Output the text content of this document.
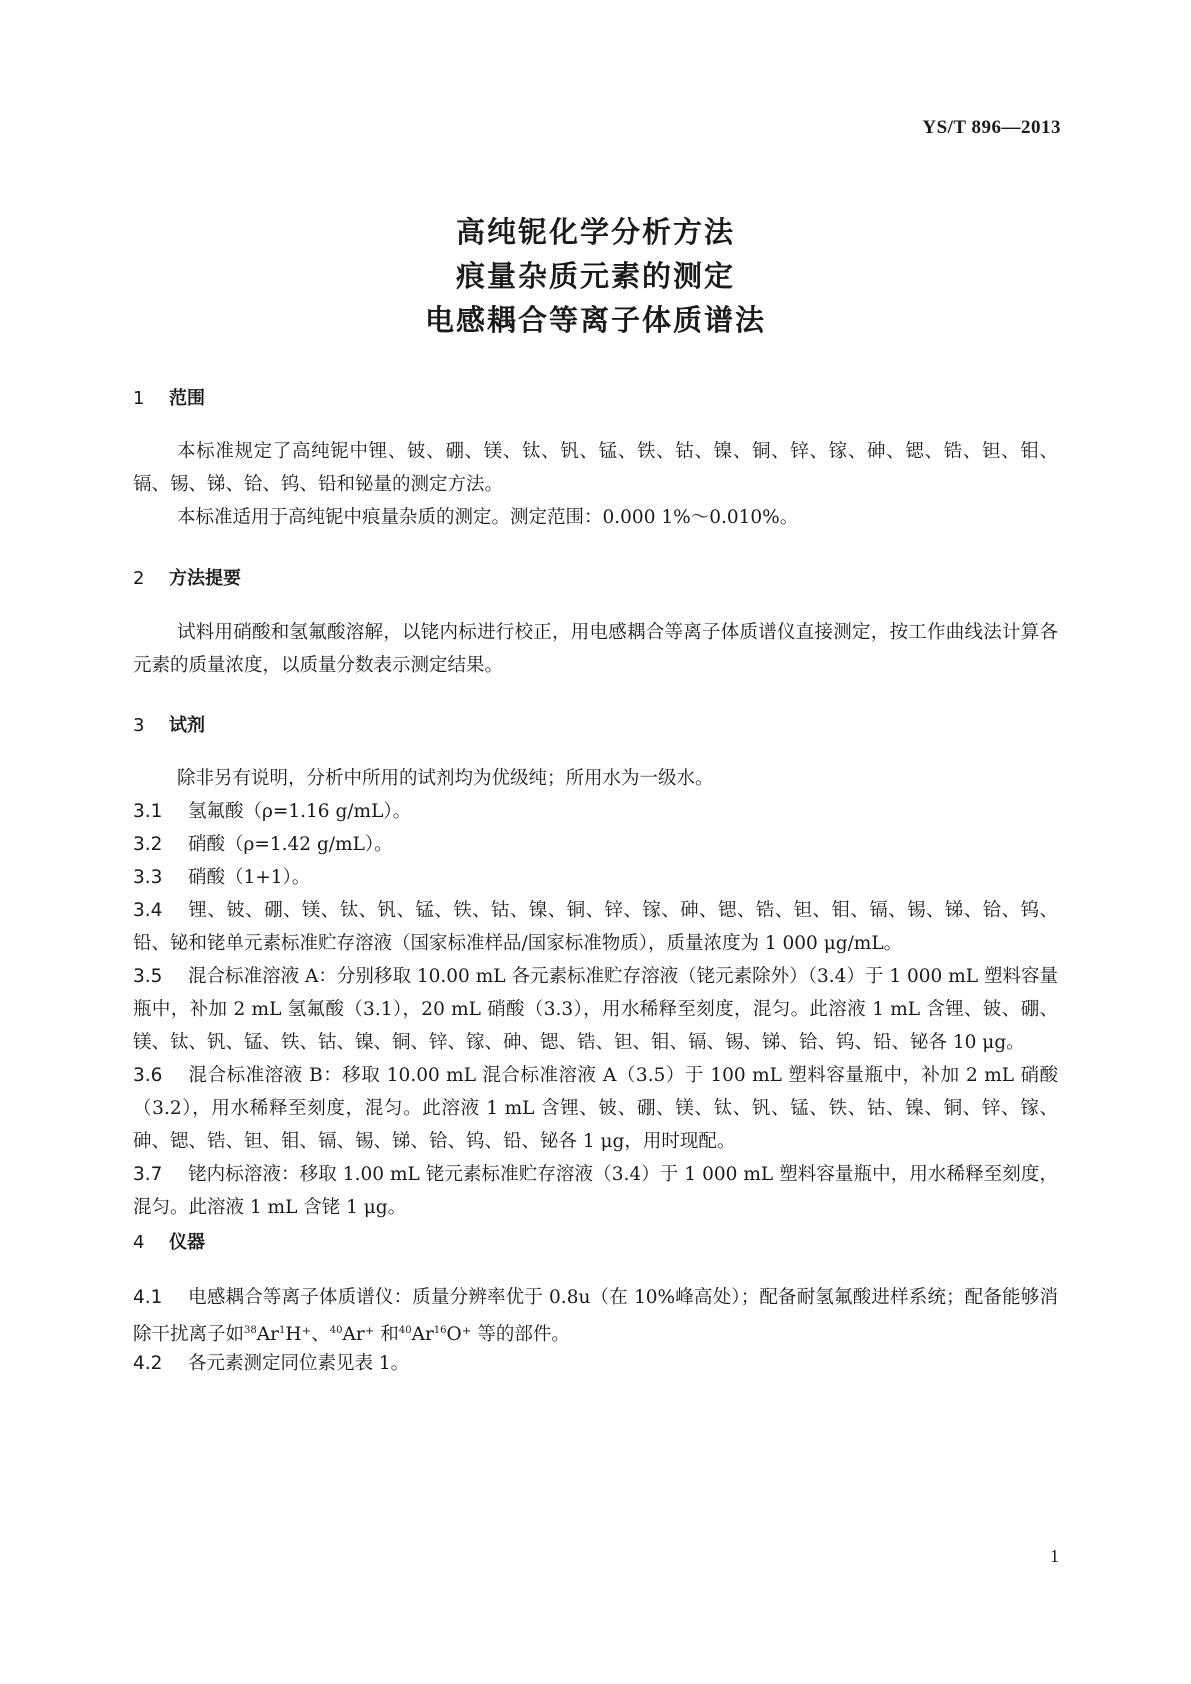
YS/T 896—2013
高纯铌化学分析方法
痕量杂质元素的测定
电感耦合等离子体质谱法
1 范围
本标准规定了高纯铌中锂、铍、硼、镁、钛、钒、锰、铁、钴、镍、铜、锌、镓、砷、锶、锆、钽、钼、镉、锡、锑、铪、钨、铅和铋量的测定方法。
本标准适用于高纯铌中痕量杂质的测定。测定范围：0.000 1%～0.010%。
2 方法提要
试料用硝酸和氢氟酸溶解，以铑内标进行校正，用电感耦合等离子体质谱仪直接测定，按工作曲线法计算各元素的质量浓度，以质量分数表示测定结果。
3 试剂
除非另有说明，分析中所用的试剂均为优级纯；所用水为一级水。
3.1 氢氟酸（ρ=1.16 g/mL）。
3.2 硝酸（ρ=1.42 g/mL）。
3.3 硝酸（1+1）。
3.4 锂、铍、硼、镁、钛、钒、锰、铁、钴、镍、铜、锌、镓、砷、锶、锆、钽、钼、镉、锡、锑、铪、钨、铅、铋和铑单元素标准贮存溶液（国家标准样品/国家标准物质），质量浓度为 1 000 μg/mL。
3.5 混合标准溶液 A：分别移取 10.00 mL 各元素标准贮存溶液（铑元素除外）（3.4）于 1 000 mL 塑料容量瓶中，补加 2 mL 氢氟酸（3.1），20 mL 硝酸（3.3），用水稀释至刻度，混匀。此溶液 1 mL 含锂、铍、硼、镁、钛、钒、锰、铁、钴、镍、铜、锌、镓、砷、锶、锆、钽、钼、镉、锡、锑、铪、钨、铅、铋各 10 μg。
3.6 混合标准溶液 B：移取 10.00 mL 混合标准溶液 A（3.5）于 100 mL 塑料容量瓶中，补加 2 mL 硝酸（3.2），用水稀释至刻度，混匀。此溶液 1 mL 含锂、铍、硼、镁、钛、钒、锰、铁、钴、镍、铜、锌、镓、砷、锶、锆、钽、钼、镉、锡、锑、铪、钨、铅、铋各 1 μg，用时现配。
3.7 铑内标溶液：移取 1.00 mL 铑元素标准贮存溶液（3.4）于 1 000 mL 塑料容量瓶中，用水稀释至刻度，混匀。此溶液 1 mL 含铑 1 μg。
4 仪器
4.1 电感耦合等离子体质谱仪：质量分辨率优于 0.8u（在 10%峰高处）；配备耐氢氟酸进样系统；配备能够消除干扰离子如$^{38}$Ar$^1$H⁺、$^{40}$Ar⁺ 和$^{40}$Ar$^{16}$O⁺ 等的部件。
4.2 各元素测定同位素见表 1。
1
